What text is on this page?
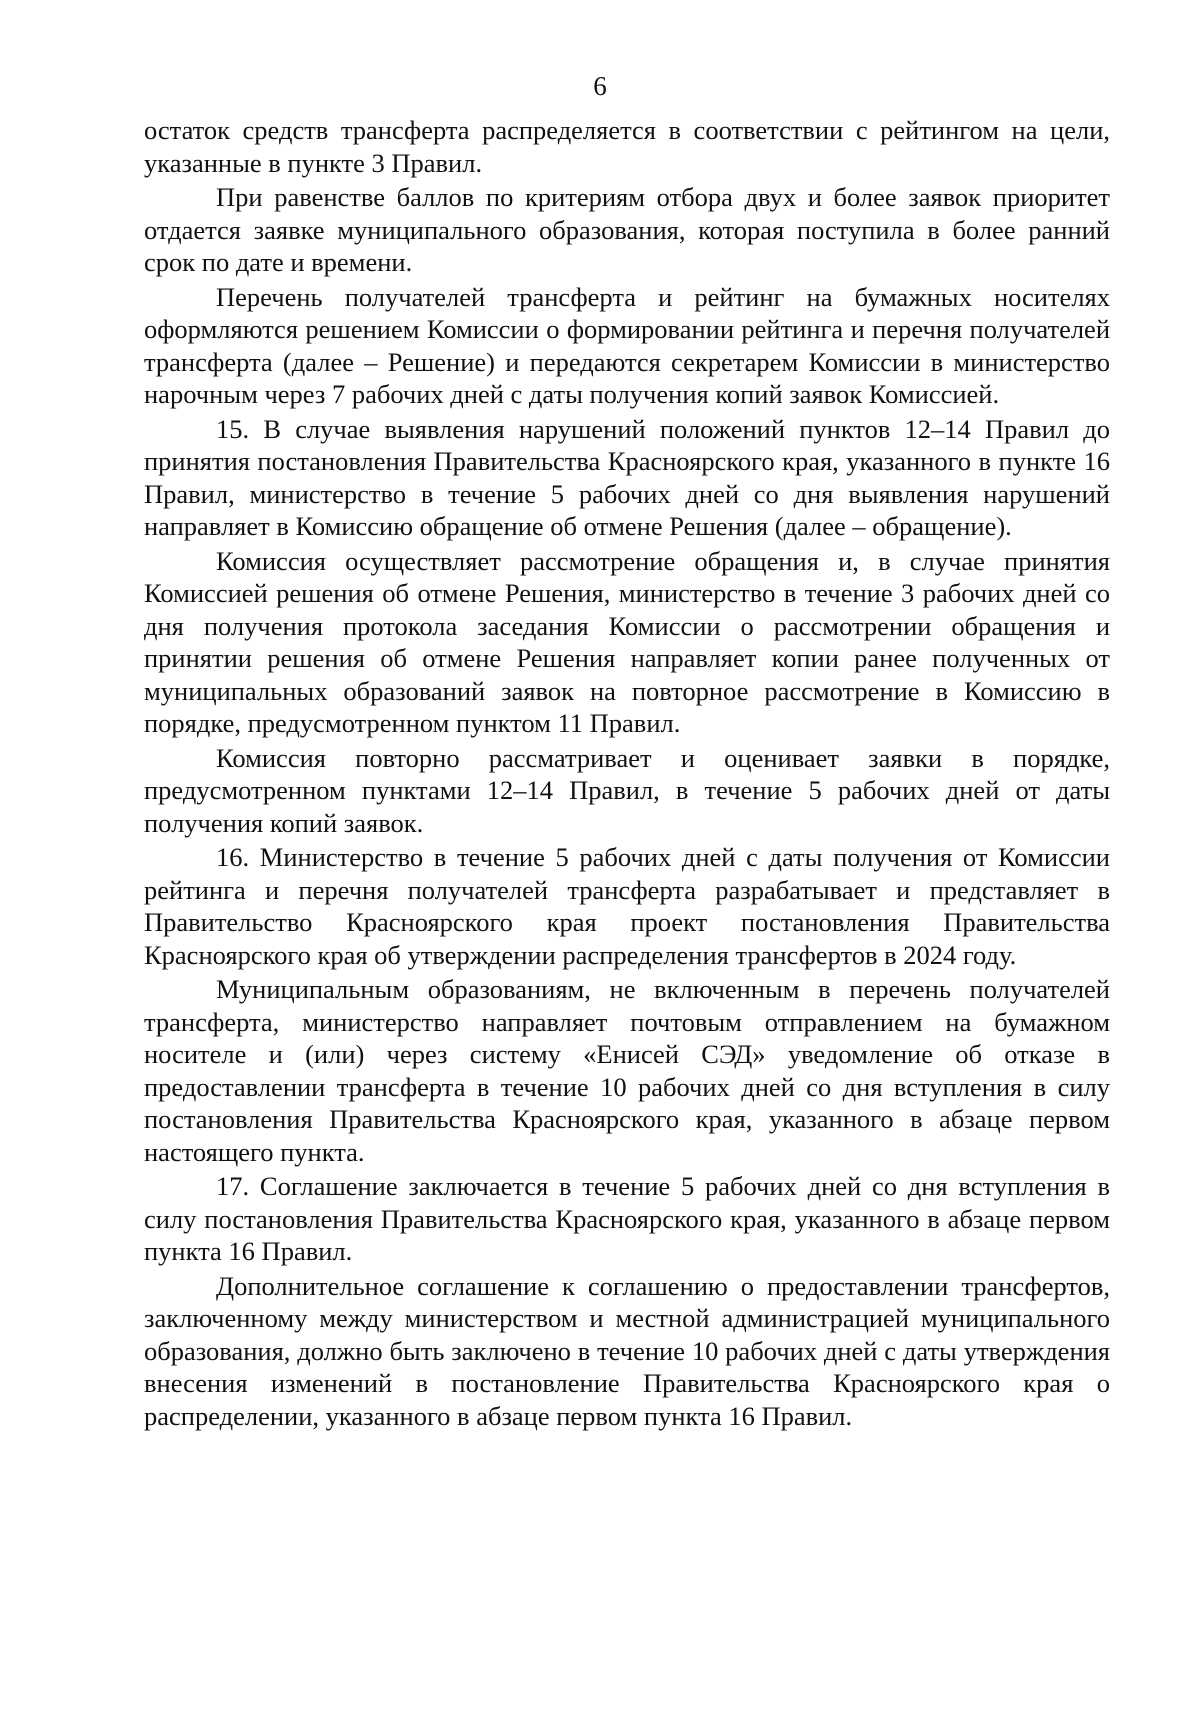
6

остаток средств трансферта распределяется в соответствии с рейтингом на цели, указанные в пункте 3 Правил.

При равенстве баллов по критериям отбора двух и более заявок приоритет отдается заявке муниципального образования, которая поступила в более ранний срок по дате и времени.

Перечень получателей трансферта и рейтинг на бумажных носителях оформляются решением Комиссии о формировании рейтинга и перечня получателей трансферта (далее – Решение) и передаются секретарем Комиссии в министерство нарочным через 7 рабочих дней с даты получения копий заявок Комиссией.

15. В случае выявления нарушений положений пунктов 12–14 Правил до принятия постановления Правительства Красноярского края, указанного в пункте 16 Правил, министерство в течение 5 рабочих дней со дня выявления нарушений направляет в Комиссию обращение об отмене Решения (далее – обращение).

Комиссия осуществляет рассмотрение обращения и, в случае принятия Комиссией решения об отмене Решения, министерство в течение 3 рабочих дней со дня получения протокола заседания Комиссии о рассмотрении обращения и принятии решения об отмене Решения направляет копии ранее полученных от муниципальных образований заявок на повторное рассмотрение в Комиссию в порядке, предусмотренном пунктом 11 Правил.

Комиссия повторно рассматривает и оценивает заявки в порядке, предусмотренном пунктами 12–14 Правил, в течение 5 рабочих дней от даты получения копий заявок.

16. Министерство в течение 5 рабочих дней с даты получения от Комиссии рейтинга и перечня получателей трансферта разрабатывает и представляет в Правительство Красноярского края проект постановления Правительства Красноярского края об утверждении распределения трансфертов в 2024 году.

Муниципальным образованиям, не включенным в перечень получателей трансферта, министерство направляет почтовым отправлением на бумажном носителе и (или) через систему «Енисей СЭД» уведомление об отказе в предоставлении трансферта в течение 10 рабочих дней со дня вступления в силу постановления Правительства Красноярского края, указанного в абзаце первом настоящего пункта.

17. Соглашение заключается в течение 5 рабочих дней со дня вступления в силу постановления Правительства Красноярского края, указанного в абзаце первом пункта 16 Правил.

Дополнительное соглашение к соглашению о предоставлении трансфертов, заключенному между министерством и местной администрацией муниципального образования, должно быть заключено в течение 10 рабочих дней с даты утверждения внесения изменений в постановление Правительства Красноярского края о распределении, указанного в абзаце первом пункта 16 Правил.
